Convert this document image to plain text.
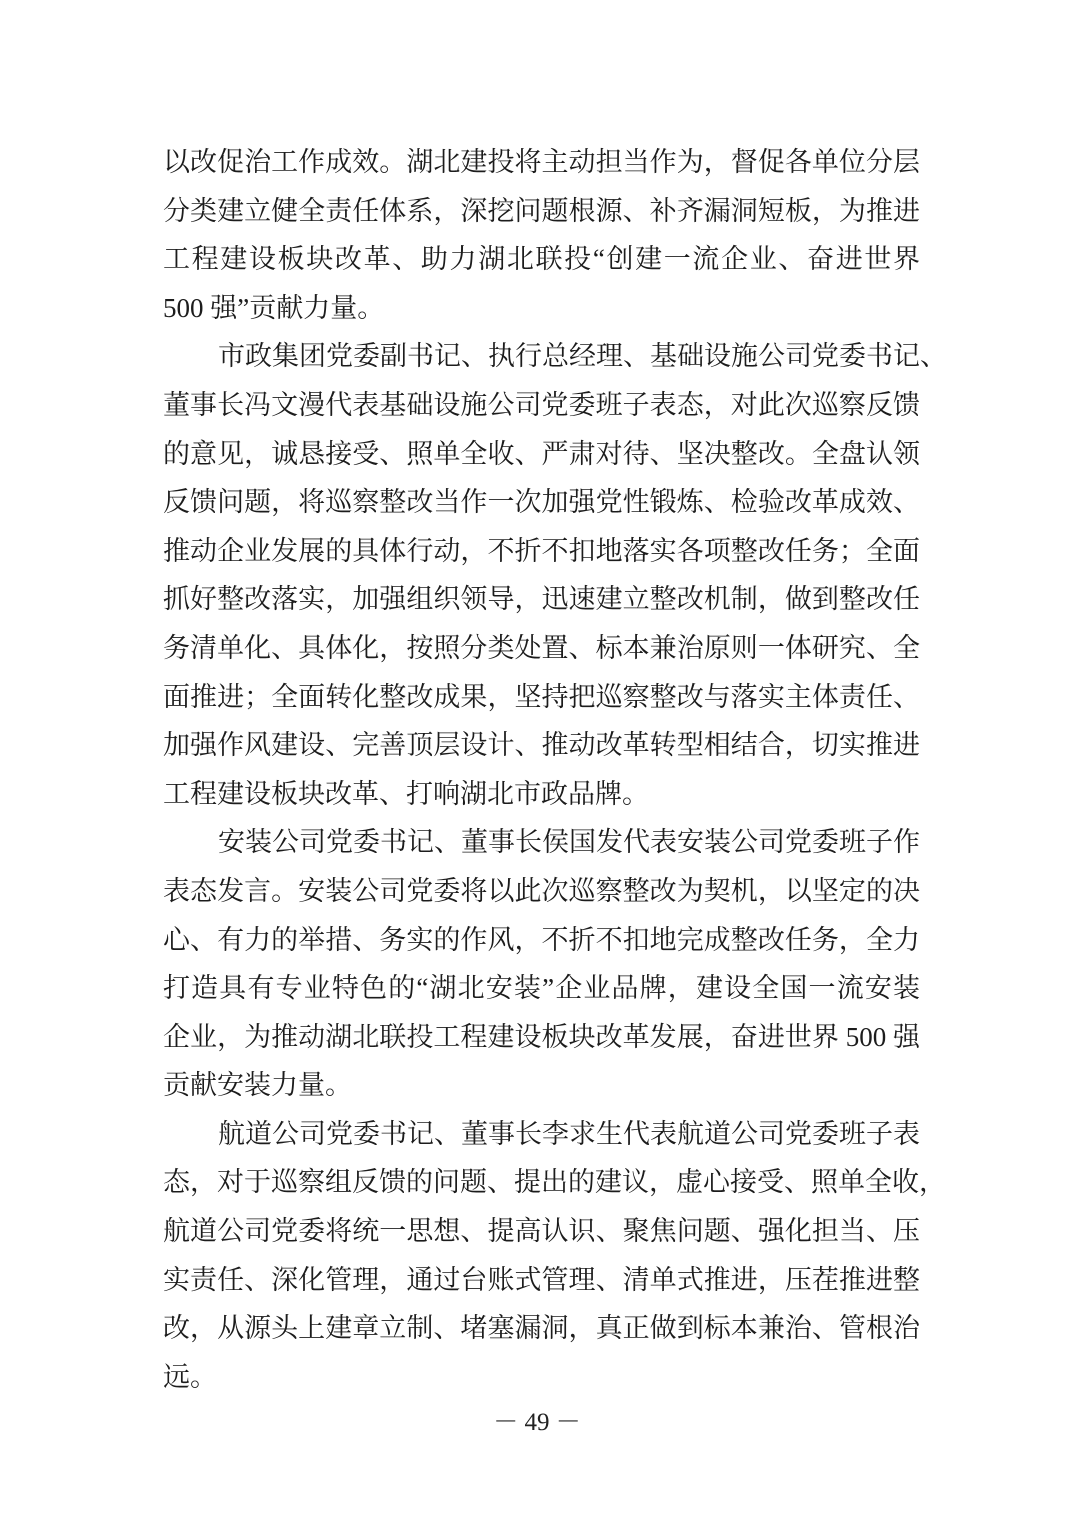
以改促治工作成效。湖北建投将主动担当作为，督促各单位分层
分类建立健全责任体系，深挖问题根源、补齐漏洞短板，为推进
工程建设板块改革、助力湖北联投“创建一流企业、奋进世界
500 强”贡献力量。
市政集团党委副书记、执行总经理、基础设施公司党委书记、
董事长冯文漫代表基础设施公司党委班子表态，对此次巡察反馈
的意见，诚恳接受、照单全收、严肃对待、坚决整改。全盘认领
反馈问题，将巡察整改当作一次加强党性锻炼、检验改革成效、
推动企业发展的具体行动，不折不扣地落实各项整改任务；全面
抓好整改落实，加强组织领导，迅速建立整改机制，做到整改任
务清单化、具体化，按照分类处置、标本兼治原则一体研究、全
面推进；全面转化整改成果，坚持把巡察整改与落实主体责任、
加强作风建设、完善顶层设计、推动改革转型相结合，切实推进
工程建设板块改革、打响湖北市政品牌。
安装公司党委书记、董事长侯国发代表安装公司党委班子作
表态发言。安装公司党委将以此次巡察整改为契机，以坚定的决
心、有力的举措、务实的作风，不折不扣地完成整改任务，全力
打造具有专业特色的“湖北安装”企业品牌，建设全国一流安装
企业，为推动湖北联投工程建设板块改革发展，奋进世界 500 强
贡献安装力量。
航道公司党委书记、董事长李求生代表航道公司党委班子表
态，对于巡察组反馈的问题、提出的建议，虚心接受、照单全收，
航道公司党委将统一思想、提高认识、聚焦问题、强化担当、压
实责任、深化管理，通过台账式管理、清单式推进，压茬推进整
改，从源头上建章立制、堵塞漏洞，真正做到标本兼治、管根治
远。
－ 49 －
